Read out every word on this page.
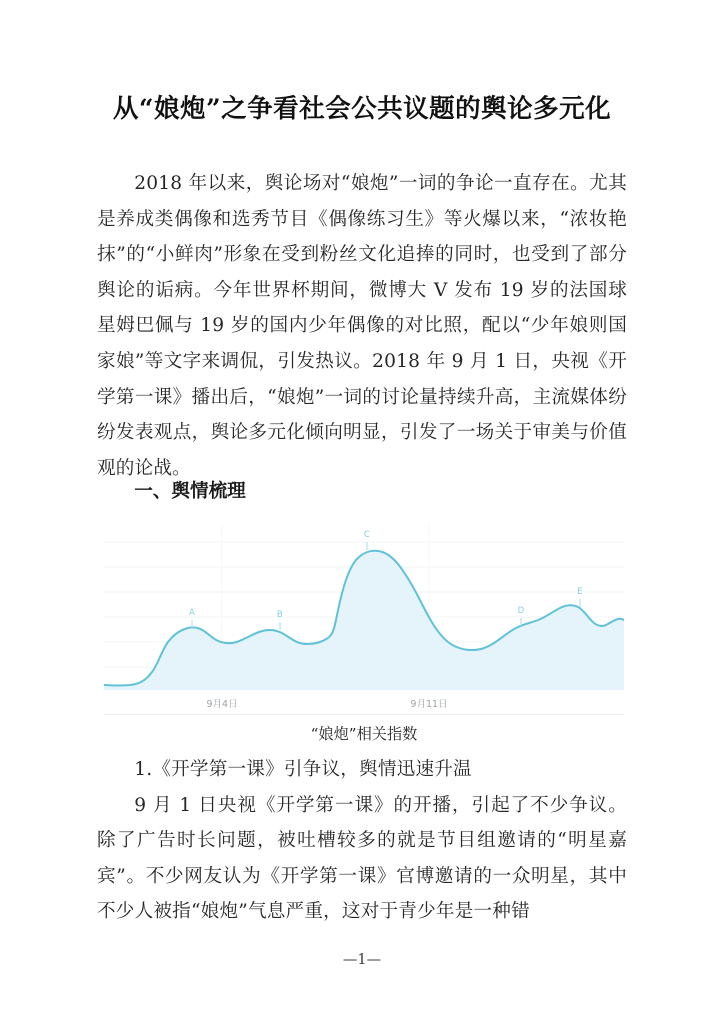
从“娘炮”之争看社会公共议题的舆论多元化
2018 年以来，舆论场对“娘炮”一词的争论一直存在。尤其是养成类偶像和选秀节目《偶像练习生》等火爆以来，“浓妆艳抹”的“小鲜肉”形象在受到粉丝文化追捧的同时，也受到了部分舆论的诟病。今年世界杯期间，微博大 V 发布 19 岁的法国球星姆巴佩与 19 岁的国内少年偶像的对比照，配以“少年娘则国家娘”等文字来调侃，引发热议。2018 年 9 月 1 日，央视《开学第一课》播出后，“娘炮”一词的讨论量持续升高，主流媒体纷纷发表观点，舆论多元化倾向明显，引发了一场关于审美与价值观的论战。
一、舆情梳理
A	B
C
D
E
9月4日	9月11日
“娘炮”相关指数
1.《开学第一课》引争议，舆情迅速升温
9 月 1 日央视《开学第一课》的开播，引起了不少争议。除了广告时长问题，被吐槽较多的就是节目组邀请的“明星嘉宾”。不少网友认为《开学第一课》官博邀请的一众明星，其中不少人被指“娘炮”气息严重，这对于青少年是一种错
—1—
